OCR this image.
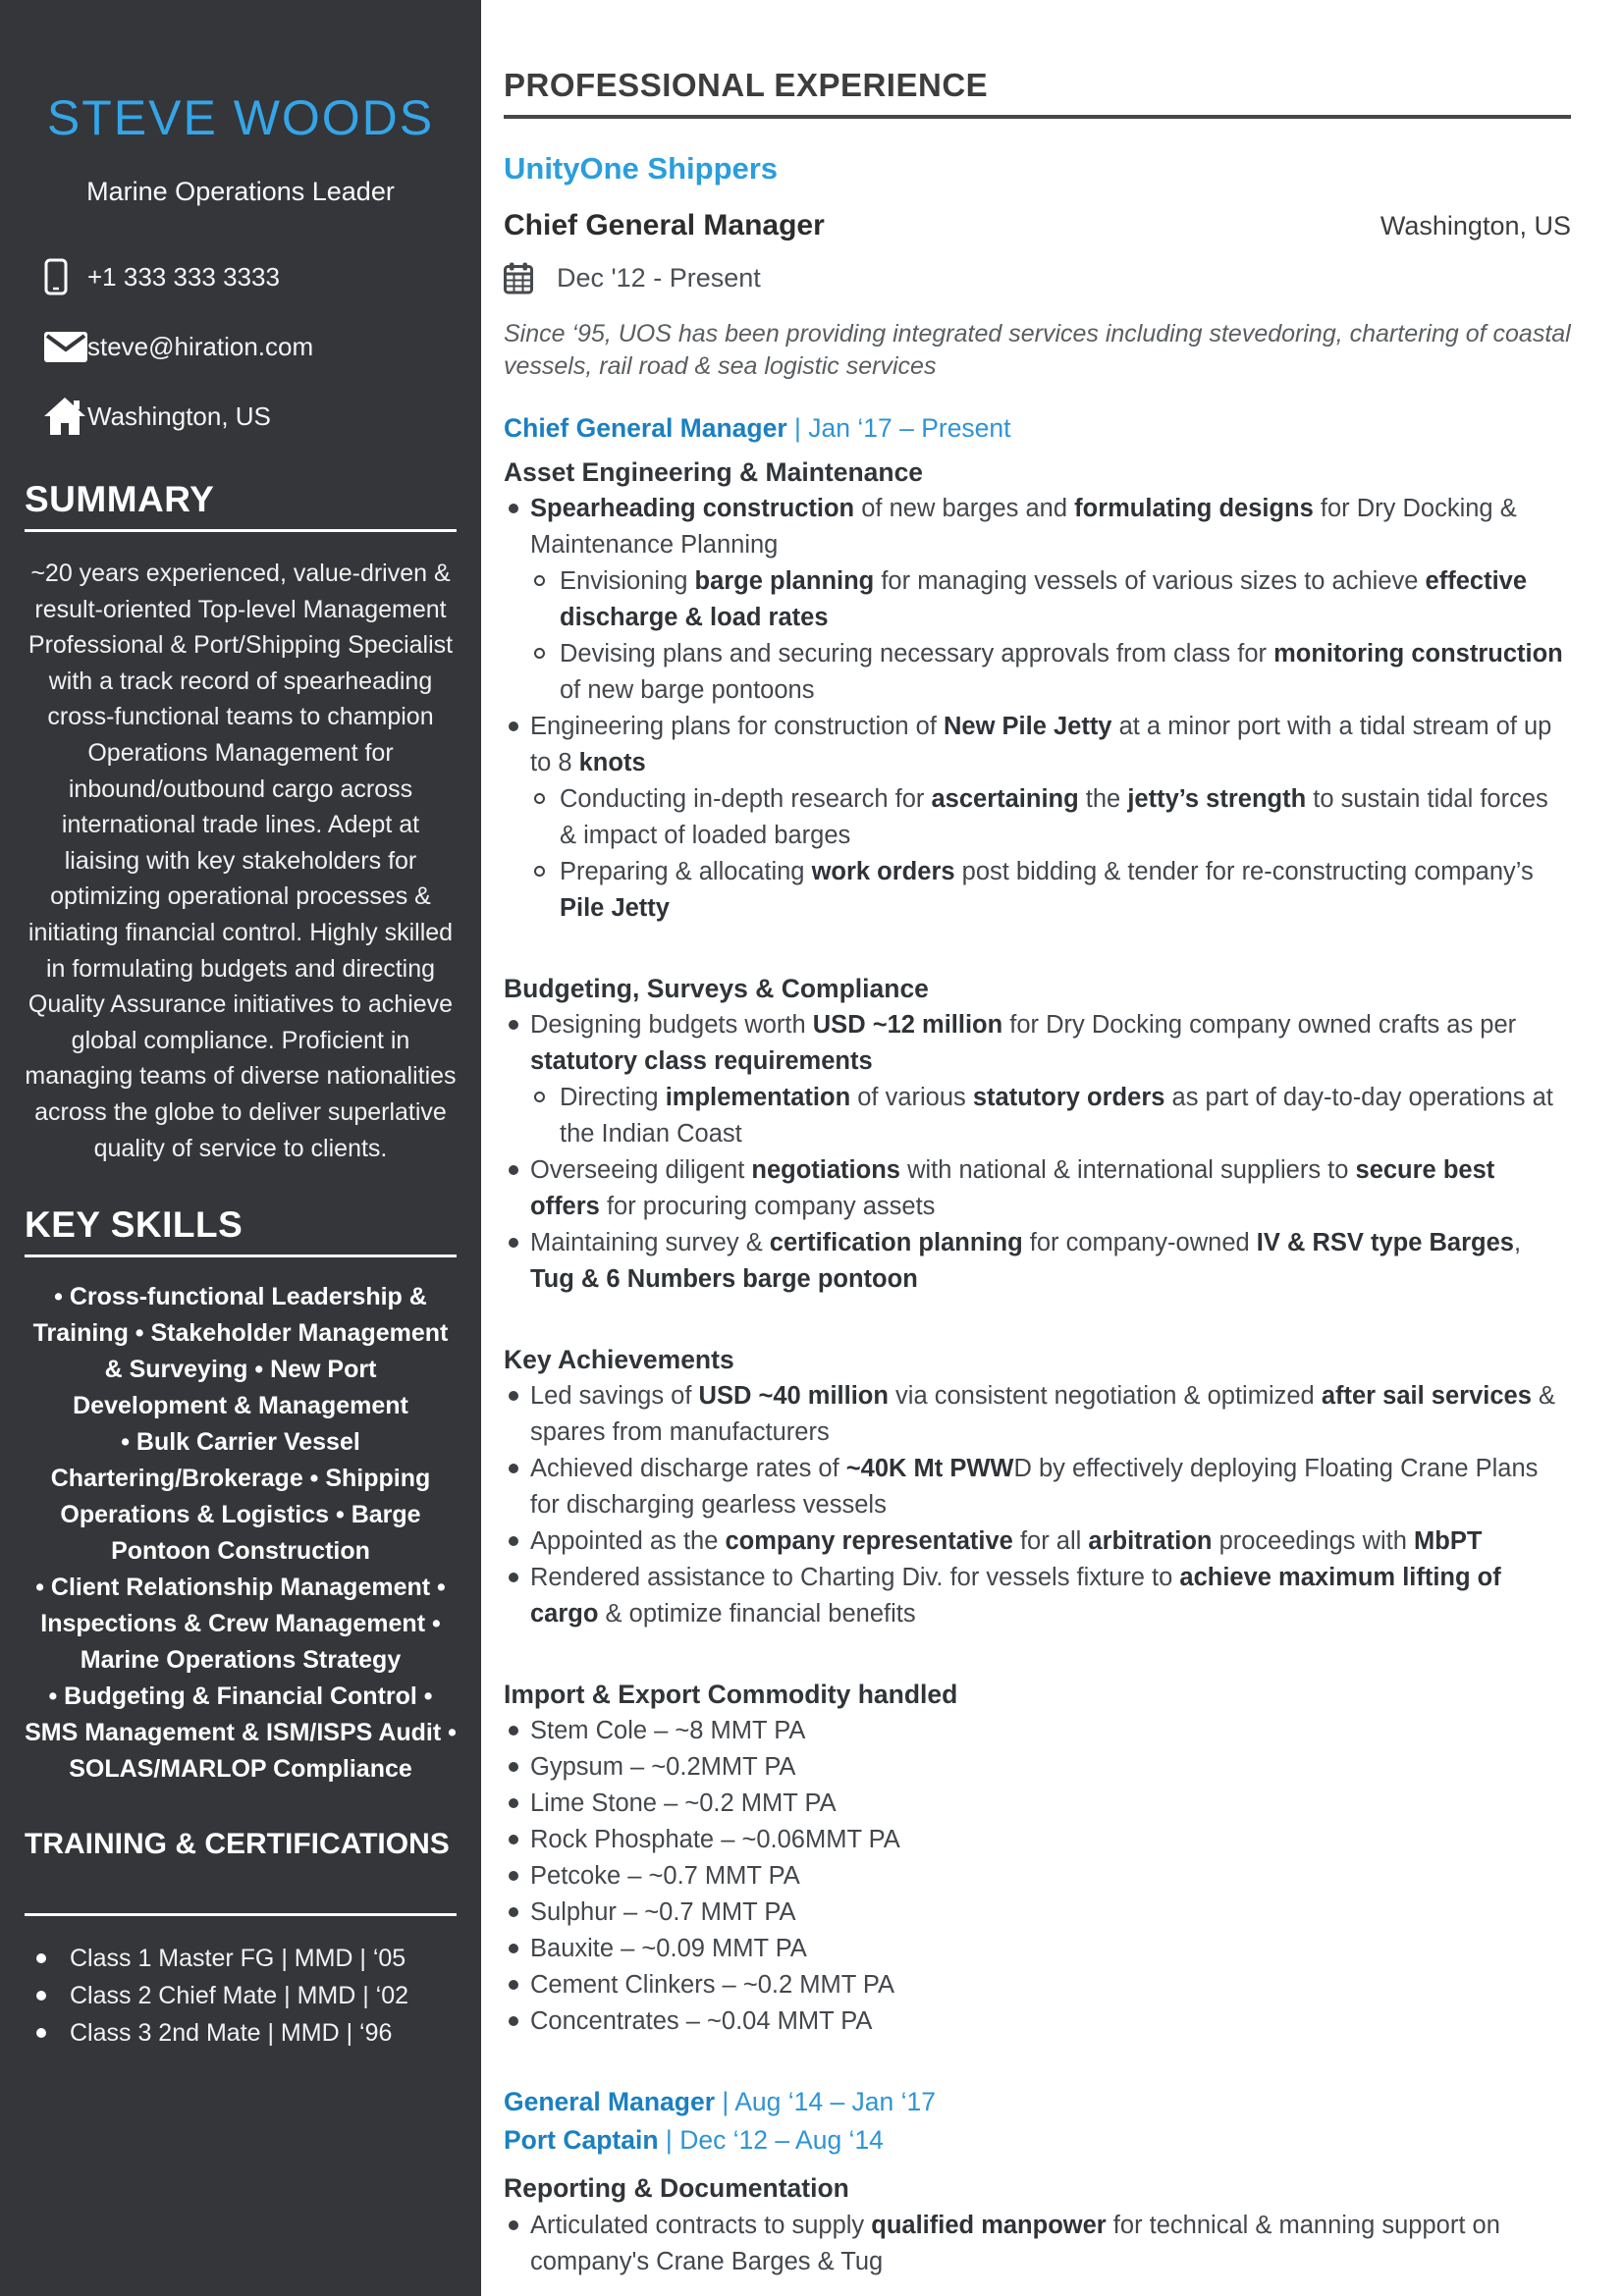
STEVE WOODS
Marine Operations Leader
+1 333 333 3333
steve@hiration.com
Washington, US
SUMMARY

~20 years experienced, value-driven & result-oriented Top-level Management Professional & Port/Shipping Specialist with a track record of spearheading cross-functional teams to champion Operations Management for inbound/outbound cargo across international trade lines. Adept at liaising with key stakeholders for optimizing operational processes & initiating financial control. Highly skilled in formulating budgets and directing Quality Assurance initiatives to achieve global compliance. Proficient in managing teams of diverse nationalities across the globe to deliver superlative quality of service to clients.

KEY SKILLS
• Cross-functional Leadership & Training • Stakeholder Management & Surveying • New Port Development & Management
• Bulk Carrier Vessel Chartering/Brokerage • Shipping Operations & Logistics • Barge Pontoon Construction
• Client Relationship Management • Inspections & Crew Management • Marine Operations Strategy
• Budgeting & Financial Control • SMS Management & ISM/ISPS Audit • SOLAS/MARLOP Compliance
TRAINING & CERTIFICATIONS
Class 1 Master FG | MMD | ‘05
Class 2 Chief Mate | MMD | ‘02
Class 3 2nd Mate | MMD | ‘96
PROFESSIONAL EXPERIENCE
UnityOne Shippers
Chief General Manager	Washington, US
Dec '12 - Present

Since ‘95, UOS has been providing integrated services including stevedoring, chartering of coastal vessels, rail road & sea logistic services

Chief General Manager | Jan ‘17 – Present
Asset Engineering & Maintenance
Spearheading construction of new barges and formulating designs for Dry Docking & Maintenance Planning
Envisioning barge planning for managing vessels of various sizes to achieve effective discharge & load rates
Devising plans and securing necessary approvals from class for monitoring construction of new barge pontoons
Engineering plans for construction of New Pile Jetty at a minor port with a tidal stream of up to 8 knots
Conducting in-depth research for ascertaining the jetty’s strength to sustain tidal forces & impact of loaded barges
Preparing & allocating work orders post bidding & tender for re-constructing company’s Pile Jetty
Budgeting, Surveys & Compliance
Designing budgets worth USD ~12 million for Dry Docking company owned crafts as per statutory class requirements
Directing implementation of various statutory orders as part of day-to-day operations at the Indian Coast
Overseeing diligent negotiations with national & international suppliers to secure best offers for procuring company assets
Maintaining survey & certification planning for company-owned IV & RSV type Barges, Tug & 6 Numbers barge pontoon
Key Achievements
Led savings of USD ~40 million via consistent negotiation & optimized after sail services & spares from manufacturers
Achieved discharge rates of ~40K Mt PWWD by effectively deploying Floating Crane Plans for discharging gearless vessels
Appointed as the company representative for all arbitration proceedings with MbPT
Rendered assistance to Charting Div. for vessels fixture to achieve maximum lifting of cargo & optimize financial benefits
Import & Export Commodity handled
Stem Cole – ~8 MMT PA
Gypsum – ~0.2MMT PA
Lime Stone – ~0.2 MMT PA
Rock Phosphate – ~0.06MMT PA
Petcoke – ~0.7 MMT PA
Sulphur – ~0.7 MMT PA
Bauxite – ~0.09 MMT PA
Cement Clinkers – ~0.2 MMT PA
Concentrates – ~0.04 MMT PA
General Manager | Aug ‘14 – Jan ‘17
Port Captain | Dec ‘12 – Aug ‘14
Reporting & Documentation
Articulated contracts to supply qualified manpower for technical & manning support on company's Crane Barges & Tug
